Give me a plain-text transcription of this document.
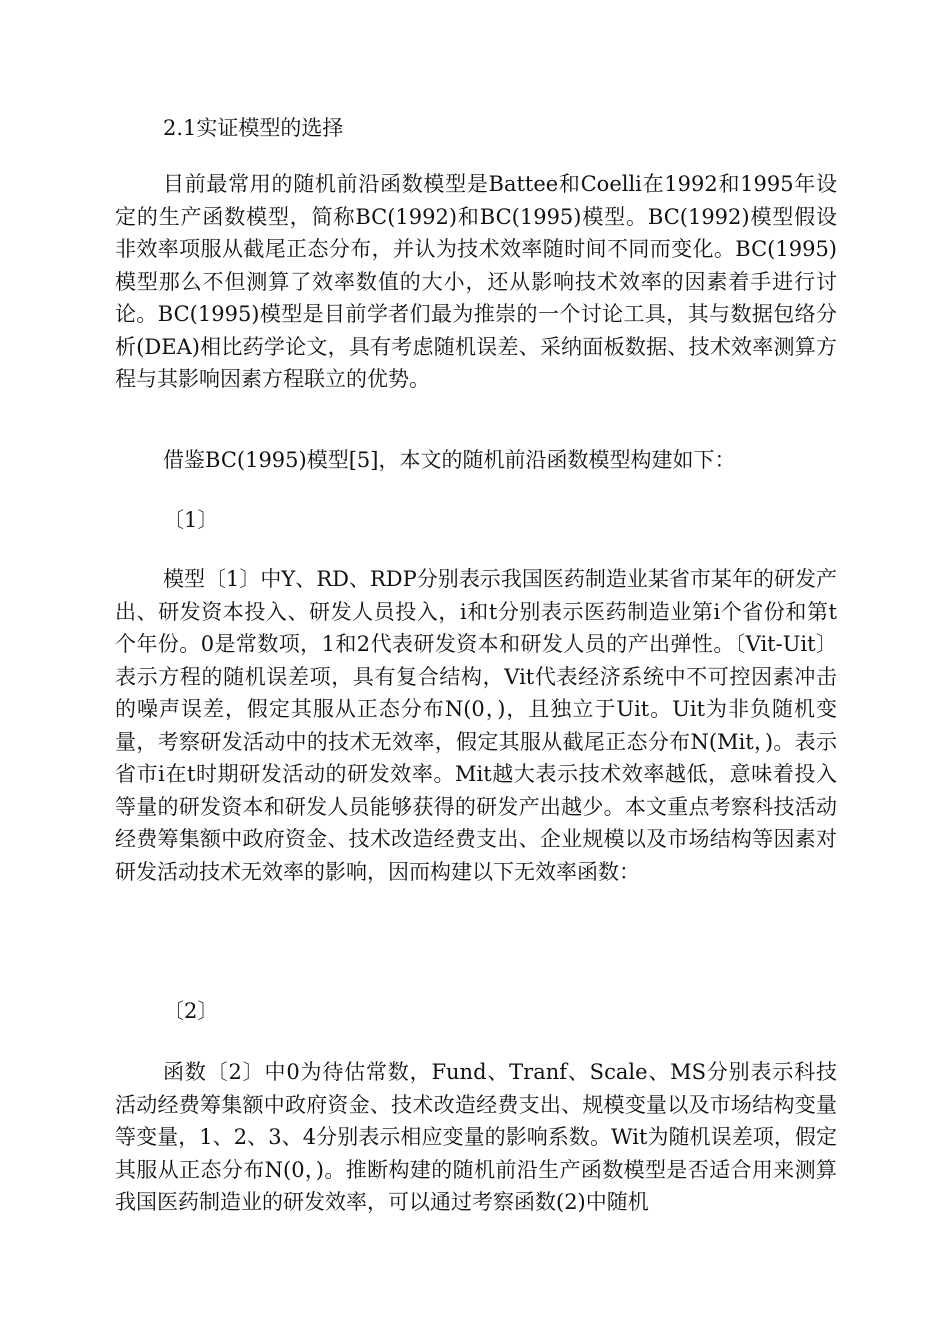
2.1实证模型的选择

目前最常用的随机前沿函数模型是Battee和Coelli在1992和1995年设定的生产函数模型，简称BC(1992)和BC(1995)模型。BC(1992)模型假设非效率项服从截尾正态分布，并认为技术效率随时间不同而变化。BC(1995)模型那么不但测算了效率数值的大小，还从影响技术效率的因素着手进行讨论。BC(1995)模型是目前学者们最为推崇的一个讨论工具，其与数据包络分析(DEA)相比药学论文，具有考虑随机误差、采纳面板数据、技术效率测算方程与其影响因素方程联立的优势。

借鉴BC(1995)模型[5]，本文的随机前沿函数模型构建如下：

〔1〕

模型〔1〕中Y、RD、RDP分别表示我国医药制造业某省市某年的研发产出、研发资本投入、研发人员投入，i和t分别表示医药制造业第i个省份和第t个年份。0是常数项，1和2代表研发资本和研发人员的产出弹性。〔Vit-Uit〕表示方程的随机误差项，具有复合结构，Vit代表经济系统中不可控因素冲击的噪声误差，假定其服从正态分布N(0，)，且独立于Uit。Uit为非负随机变量，考察研发活动中的技术无效率，假定其服从截尾正态分布N(Mit，)。表示省市i在t时期研发活动的研发效率。Mit越大表示技术效率越低，意味着投入等量的研发资本和研发人员能够获得的研发产出越少。本文重点考察科技活动经费筹集额中政府资金、技术改造经费支出、企业规模以及市场结构等因素对研发活动技术无效率的影响，因而构建以下无效率函数：

〔2〕

函数〔2〕中0为待估常数，Fund、Tranf、Scale、MS分别表示科技活动经费筹集额中政府资金、技术改造经费支出、规模变量以及市场结构变量等变量，1、2、3、4分别表示相应变量的影响系数。Wit为随机误差项，假定其服从正态分布N(0，)。推断构建的随机前沿生产函数模型是否适合用来测算我国医药制造业的研发效率，可以通过考察函数(2)中随机
